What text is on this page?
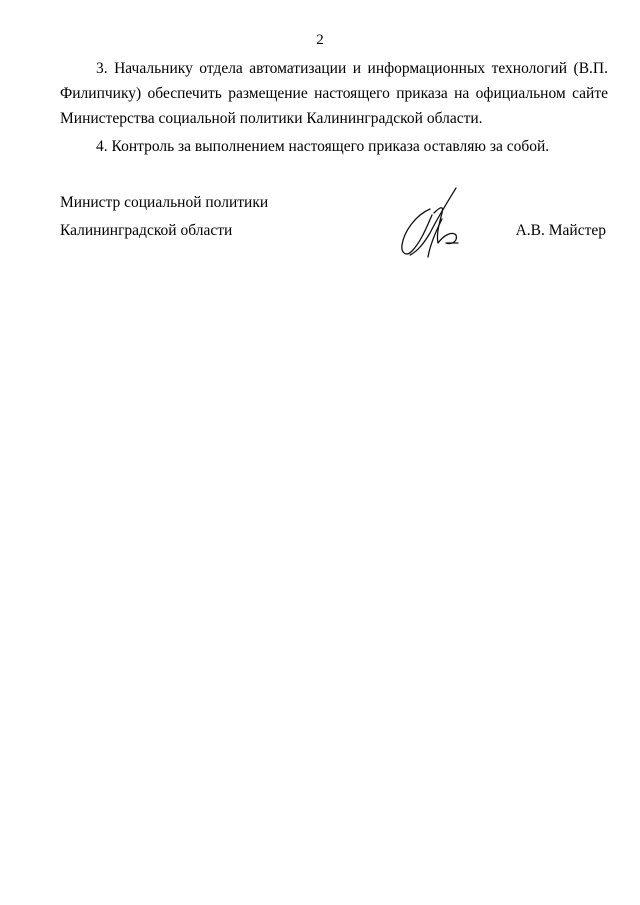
2

3. Начальнику отдела автоматизации и информационных технологий (В.П. Филипчику) обеспечить размещение настоящего приказа на официальном сайте Министерства социальной политики Калининградской области.

4. Контроль за выполнением настоящего приказа оставляю за собой.

Министр социальной политики
Калининградской области	А.В. Майстер
